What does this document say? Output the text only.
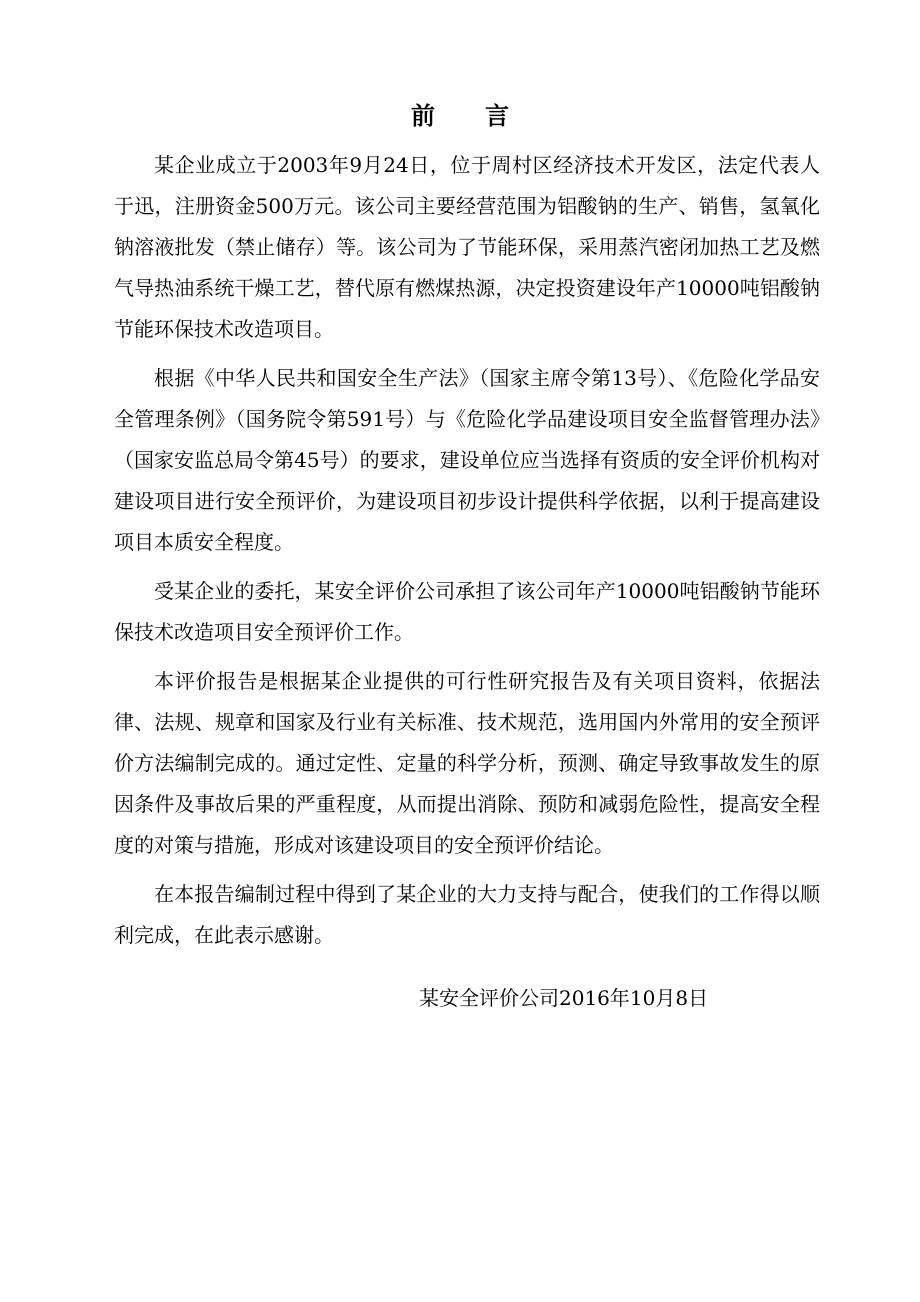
前言

某企业成立于2003年9月24日，位于周村区经济技术开发区，法定代表人于迅，注册资金500万元。该公司主要经营范围为铝酸钠的生产、销售，氢氧化钠溶液批发（禁止储存）等。该公司为了节能环保，采用蒸汽密闭加热工艺及燃气导热油系统干燥工艺，替代原有燃煤热源，决定投资建设年产10000吨铝酸钠节能环保技术改造项目。

根据《中华人民共和国安全生产法》（国家主席令第13号）、《危险化学品安全管理条例》（国务院令第591号）与《危险化学品建设项目安全监督管理办法》（国家安监总局令第45号）的要求，建设单位应当选择有资质的安全评价机构对建设项目进行安全预评价，为建设项目初步设计提供科学依据，以利于提高建设项目本质安全程度。

受某企业的委托，某安全评价公司承担了该公司年产10000吨铝酸钠节能环保技术改造项目安全预评价工作。

本评价报告是根据某企业提供的可行性研究报告及有关项目资料，依据法律、法规、规章和国家及行业有关标准、技术规范，选用国内外常用的安全预评价方法编制完成的。通过定性、定量的科学分析，预测、确定导致事故发生的原因条件及事故后果的严重程度，从而提出消除、预防和减弱危险性，提高安全程度的对策与措施，形成对该建设项目的安全预评价结论。

在本报告编制过程中得到了某企业的大力支持与配合，使我们的工作得以顺利完成，在此表示感谢。

某安全评价公司2016年10月8日
